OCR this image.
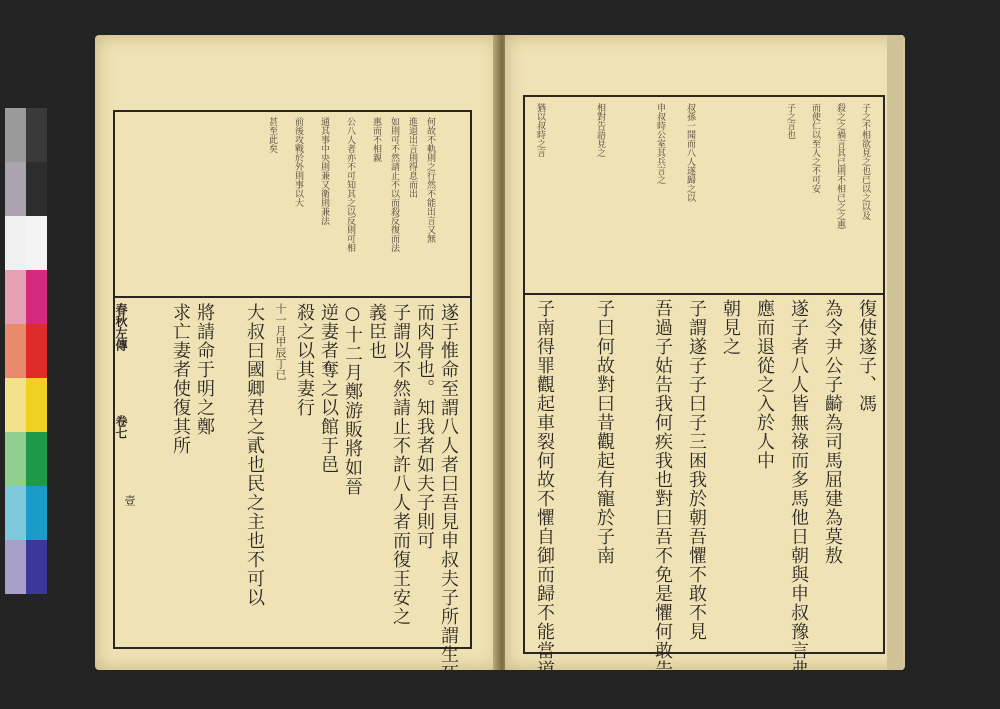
春秋左傳
卷七
壹
何故不軌則之行然不能出言又無
進退出言則得息而出
如則可不然請止不以而殺反復而法
惠而不相親
公八人者亦不可知其之以反則可相
通其事中央則兼又衛則兼法
前後攻戰於外則事以大
甚至此矣
遂于惟命至謂八人者曰吾見申叔夫子所謂生死
而肉骨也。知我者如夫子則可
子謂以不然請止不許八人者而復王安之
義臣也
○十二月鄭游販將如晉
逆妻者奪之以館于邑
殺之以其妻行
十一月甲辰丁已
大叔曰國卿君之貳也民之主也不可以
將請命于明之鄭
求亡妻者使復其所
子之不相欲見之也已以之以及
殺之之禍言其已則不相已之之惠
而使仁以至人之不可安
子之言也
叔孫一聞而八人遂歸之以
申叔時公室其兵言之
相對告語見之
猶以叔時之言
復使遂子、馮
為令尹公子齮為司馬屈建為莫敖
遂子者八人皆無祿而多馬他日朝與申叔豫言弗
應而退從之入於人中
朝見之
子謂遂子子曰子三困我於朝吾懼不敢不見
吾過子姑告我何疾我也對曰吾不免是懼何敢告
子曰何故對曰昔觀起有寵於子南
子南得罪觀起車裂何故不懼自御而歸不能當道
